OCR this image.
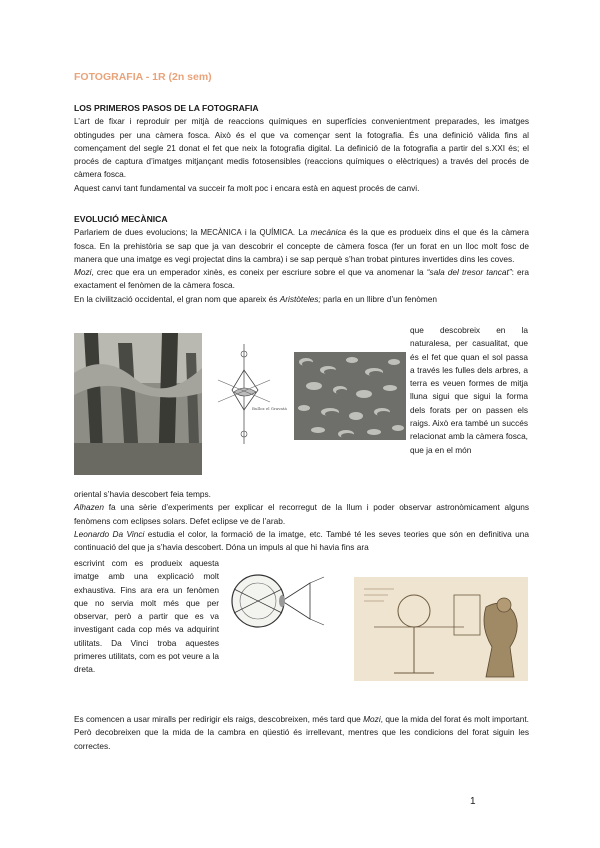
FOTOGRAFIA - 1R (2n sem)

LOS PRIMEROS PASOS DE LA FOTOGRAFIA

L’art de fixar i reproduir per mitjà de reaccions químiques en superfícies convenientment preparades, les imatges obtingudes per una càmera fosca. Això és el que va començar sent la fotografia. És una definició vàlida fins al començament del segle 21 donat el fet que neix la fotografia digital. La definició de la fotografia a partir del s.XXI és; el procés de captura d’imatges mitjançant medis fotosensibles (reaccions químiques o elèctriques) a través del procés de càmera fosca.

Aquest canvi tant fundamental va succeir fa molt poc i encara està en aquest procés de canvi.

EVOLUCIÓ MECÀNICA

Parlariem de dues evolucions; la MECÀNICA i la QUÍMICA. La mecànica és la que es produeix dins el que és la càmera fosca. En la prehistòria se sap que ja van descobrir el concepte de càmera fosca (fer un forat en un lloc molt fosc de manera que una imatge es vegi projectat dins la cambra) i se sap perquè s’han trobat pintures invertides dins les coves.

Mozi, crec que era un emperador xinès, es coneix per escriure sobre el que va anomenar la “sala del tresor tancat”: era exactament el fenòmen de la càmera fosca.

En la civilització occidental, el gran nom que apareix és Aristòteles; parla en un llibre d’un fenòmen

que descobreix en la naturalesa, per casualitat, que és el fet que quan el sol passa a través les fulles dels arbres, a terra es veuen formes de mitja lluna sigui que sigui la forma dels forats per on passen els raigs. Això era també un succés relacionat amb la càmera fosca, que ja en el món
Bulloz el Gravatà

oriental s’havia descobert feia temps.

Alhazen fa una sèrie d’experiments per explicar el recorregut de la llum i poder observar astronòmicament alguns fenòmens com eclipses solars. Defet eclipse ve de l’arab.

Leonardo Da Vinci estudia el color, la formació de la imatge, etc. També té les seves teories que són en definitiva una continuació del que ja s’havia descobert. Dóna un impuls al que hi havia fins ara

escrivint com es produeix aquesta imatge amb una explicació molt exhaustiva. Fins ara era un fenòmen que no servia molt més que per observar, però a partir que es va investigant cada cop més va adquirint utilitats. Da Vinci troba aquestes primeres utilitats, com es pot veure a la dreta.

Es comencen a usar miralls per redirigir els raigs, descobreixen, més tard que Mozi, que la mida del forat és molt important. Però decobreixen que la mida de la cambra en qüestió és irrellevant, mentres que les condicions del forat siguin les correctes.

1
